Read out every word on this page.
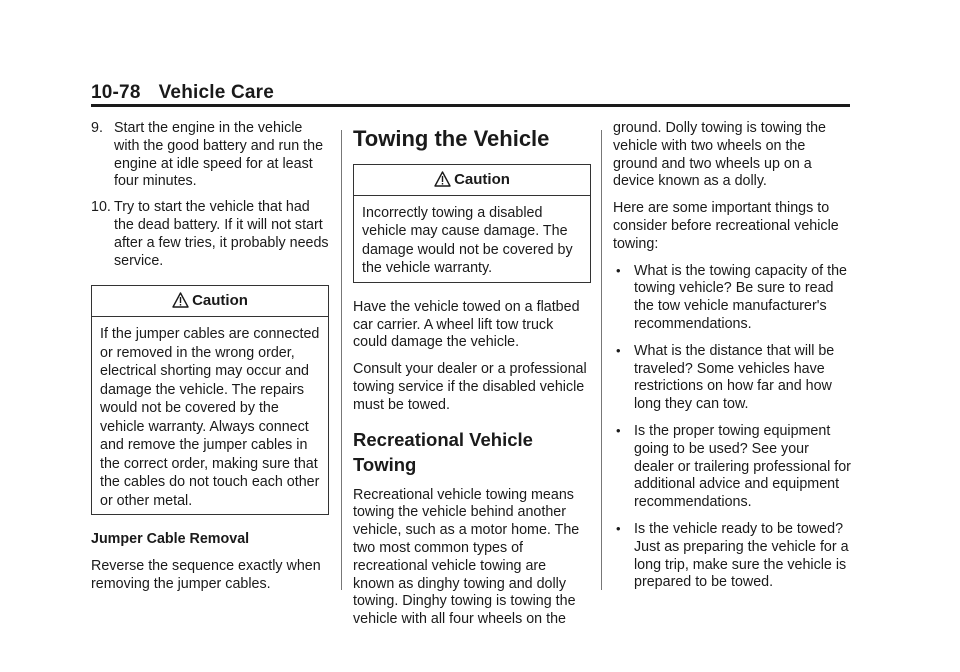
10-78 Vehicle Care
9. Start the engine in the vehicle with the good battery and run the engine at idle speed for at least four minutes.
10. Try to start the vehicle that had the dead battery. If it will not start after a few tries, it probably needs service.
Caution
If the jumper cables are connected or removed in the wrong order, electrical shorting may occur and damage the vehicle. The repairs would not be covered by the vehicle warranty. Always connect and remove the jumper cables in the correct order, making sure that the cables do not touch each other or other metal.
Jumper Cable Removal

Reverse the sequence exactly when removing the jumper cables.

Towing the Vehicle
Caution
Incorrectly towing a disabled vehicle may cause damage. The damage would not be covered by the vehicle warranty.

Have the vehicle towed on a flatbed car carrier. A wheel lift tow truck could damage the vehicle.

Consult your dealer or a professional towing service if the disabled vehicle must be towed.

Recreational Vehicle Towing

Recreational vehicle towing means towing the vehicle behind another vehicle, such as a motor home. The two most common types of recreational vehicle towing are known as dinghy towing and dolly towing. Dinghy towing is towing the vehicle with all four wheels on the

ground. Dolly towing is towing the vehicle with two wheels on the ground and two wheels up on a device known as a dolly.

Here are some important things to consider before recreational vehicle towing:

• What is the towing capacity of the towing vehicle? Be sure to read the tow vehicle manufacturer's recommendations.
• What is the distance that will be traveled? Some vehicles have restrictions on how far and how long they can tow.
• Is the proper towing equipment going to be used? See your dealer or trailering professional for additional advice and equipment recommendations.
• Is the vehicle ready to be towed? Just as preparing the vehicle for a long trip, make sure the vehicle is prepared to be towed.
